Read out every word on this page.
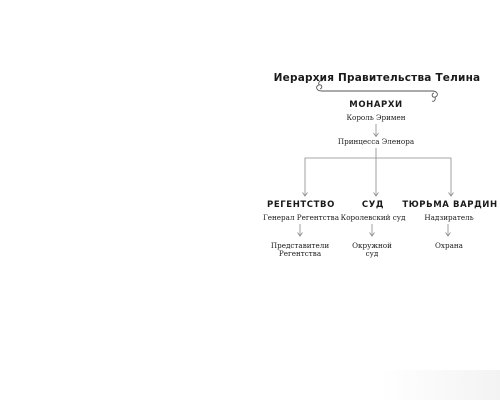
Иерархия Правительства Телина
МОНАРХИ
Король Эримен
Принцесса Эленора
РЕГЕНТСТВО
Генерал Регентства
Представители Регентства
СУД
Королевский суд
Окружной суд
ТЮРЬМА ВАРДИН
Надзиратель
Охрана
